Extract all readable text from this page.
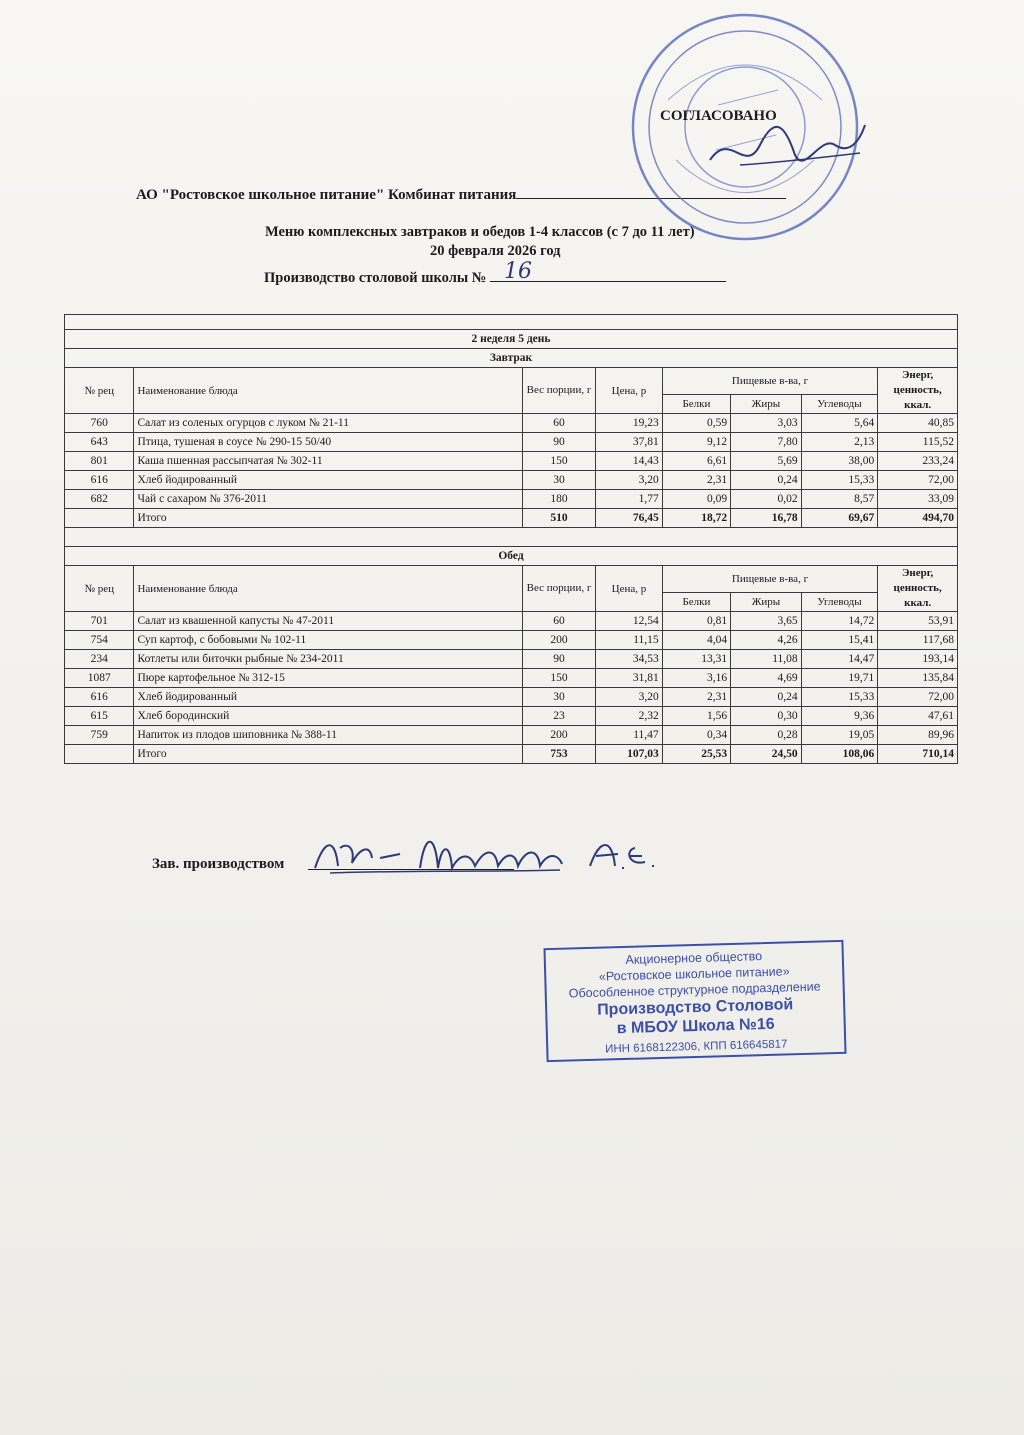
СОГЛАСОВАНО
АО "Ростовское школьное питание" Комбинат питания
Меню комплексных завтраков и обедов 1-4 классов (с 7 до 11 лет)
20 февраля 2026 год
Производство столовой школы № 16

2 неделя 5 день							
Завтрак							
№ рец	Наименование блюда	Вес порции, г	Цена, р	Пищевые в-ва, г			Энерг, ценность, ккал.
				Белки	Жиры	Углеводы	
760	Салат из соленых огурцов с луком № 21-11	60	19,23	0,59	3,03	5,64	40,85
643	Птица, тушеная в соусе № 290-15 50/40	90	37,81	9,12	7,80	2,13	115,52
801	Каша пшенная рассыпчатая № 302-11	150	14,43	6,61	5,69	38,00	233,24
616	Хлеб йодированный	30	3,20	2,31	0,24	15,33	72,00
682	Чай с сахаром № 376-2011	180	1,77	0,09	0,02	8,57	33,09
	Итого	510	76,45	18,72	16,78	69,67	494,70

Обед							
№ рец	Наименование блюда	Вес порции, г	Цена, р	Пищевые в-ва, г			Энерг, ценность, ккал.
				Белки	Жиры	Углеводы	
701	Салат из квашенной капусты № 47-2011	60	12,54	0,81	3,65	14,72	53,91
754	Суп картоф, с бобовыми № 102-11	200	11,15	4,04	4,26	15,41	117,68
234	Котлеты или биточки рыбные № 234-2011	90	34,53	13,31	11,08	14,47	193,14
1087	Пюре картофельное № 312-15	150	31,81	3,16	4,69	19,71	135,84
616	Хлеб йодированный	30	3,20	2,31	0,24	15,33	72,00
615	Хлеб бородинский	23	2,32	1,56	0,30	9,36	47,61
759	Напиток из плодов шиповника № 388-11	200	11,47	0,34	0,28	19,05	89,96
	Итого	753	107,03	25,53	24,50	108,06	710,14
Зав. производством
Акционерное общество
«Ростовское школьное питание»
Обособленное структурное подразделение
Производство Столовой
в МБОУ Школа №16
ИНН 6168122306, КПП 616645817
